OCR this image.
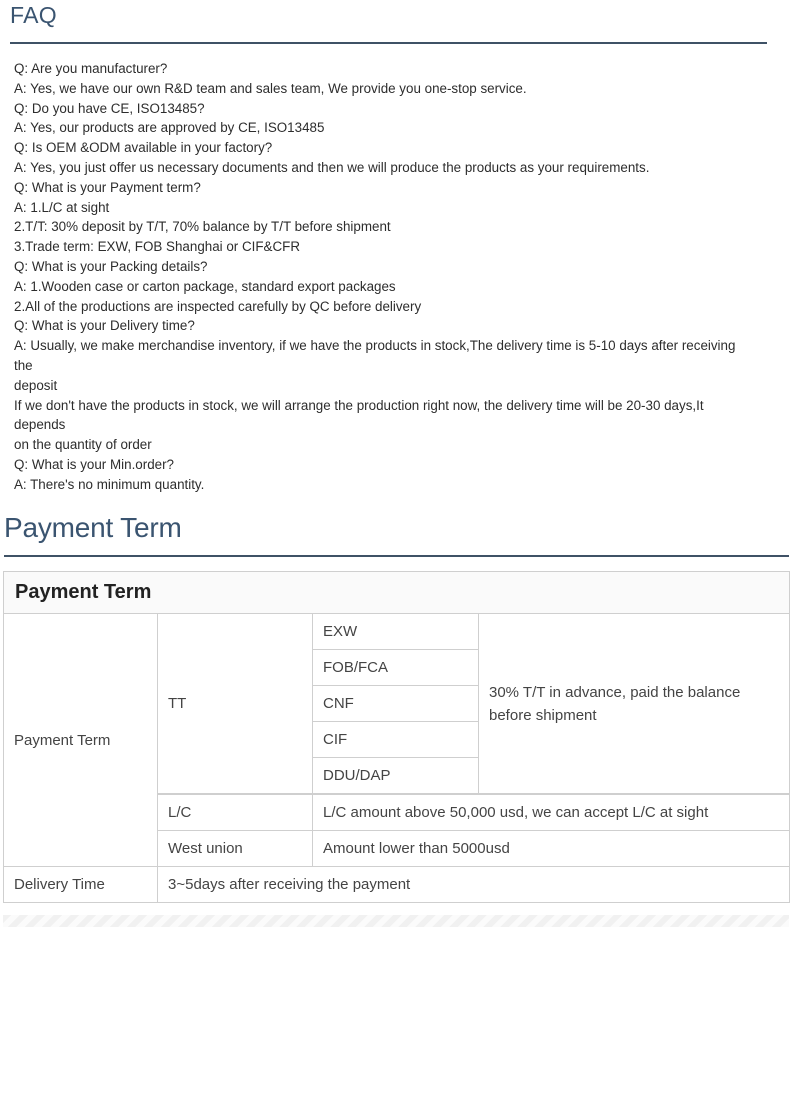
FAQ
Q: Are you manufacturer?
A: Yes, we have our own R&D team and sales team, We provide you one-stop service.
Q: Do you have CE, ISO13485?
A: Yes, our products are approved by CE, ISO13485
Q: Is OEM &ODM available in your factory?
A: Yes, you just offer us necessary documents and then we will produce the products as your requirements.
Q: What is your Payment term?
A: 1.L/C at sight
2.T/T: 30% deposit by T/T, 70% balance by T/T before shipment
3.Trade term: EXW, FOB Shanghai or CIF&CFR
Q: What is your Packing details?
A: 1.Wooden case or carton package, standard export packages
2.All of the productions are inspected carefully by QC before delivery
Q: What is your Delivery time?
A: Usually, we make merchandise inventory, if we have the products in stock,The delivery time is 5-10 days after receiving
the
deposit
If we don't have the products in stock, we will arrange the production right now, the delivery time will be 20-30 days,It
depends
on the quantity of order
Q: What is your Min.order?
A: There's no minimum quantity.
Payment Term
Payment Term			
Payment Term	TT	EXW	30% T/T in advance, paid the balance before shipment
		FOB/FCA	
		CNF	
		CIF	
		DDU/DAP	
	L/C	L/C amount above 50,000 usd, we can accept L/C at sight	
	West union	Amount lower than 5000usd	
Delivery Time	3~5days after receiving the payment		
